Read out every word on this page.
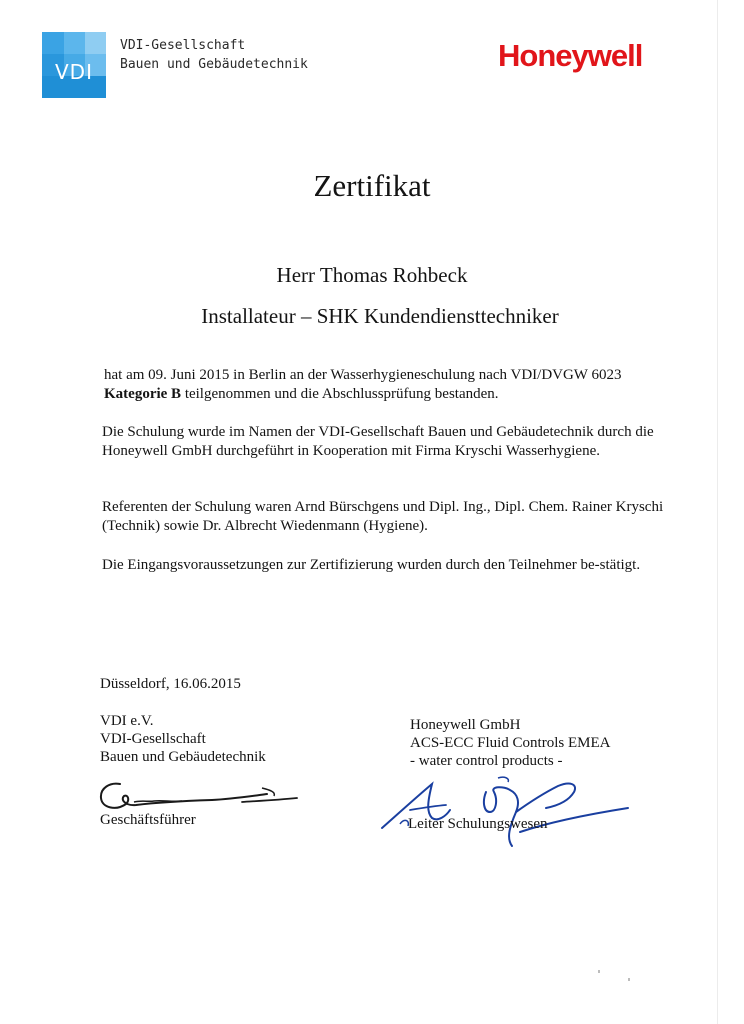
VDI
VDI-Gesellschaft
Bauen und Gebäudetechnik	Honeywell
Zertifikat
Herr Thomas Rohbeck
Installateur – SHK Kundendiensttechniker
hat am 09. Juni 2015 in Berlin an der Wasserhygieneschulung nach VDI/DVGW 6023 Kategorie B teilgenommen und die Abschlussprüfung bestanden.
Die Schulung wurde im Namen der VDI-Gesellschaft Bauen und Gebäudetechnik durch die Honeywell GmbH durchgeführt in Kooperation mit Firma Kryschi Wasserhygiene.
Referenten der Schulung waren Arnd Bürschgens und Dipl. Ing., Dipl. Chem. Rainer Kryschi (Technik) sowie Dr. Albrecht Wiedenmann (Hygiene).
Die Eingangsvoraussetzungen zur Zertifizierung wurden durch den Teilnehmer be-stätigt.
Düsseldorf, 16.06.2015
VDI e.V.
VDI-Gesellschaft
Bauen und Gebäudetechnik
Geschäftsführer
Honeywell GmbH
ACS-ECC Fluid Controls EMEA
- water control products -
Leiter Schulungswesen
